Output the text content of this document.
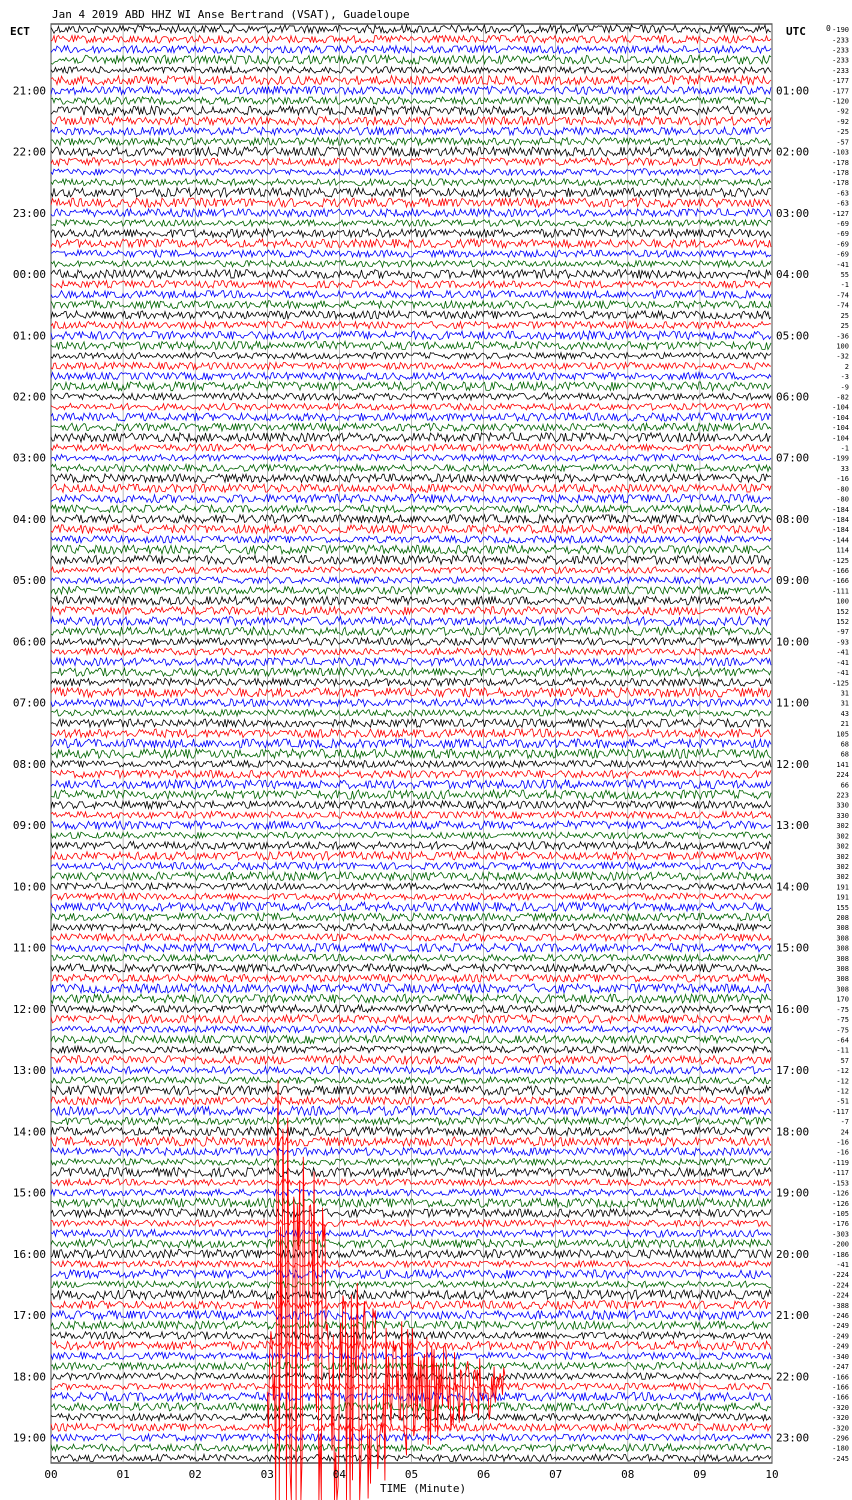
21:00
22:00
23:00
00:00
01:00
02:00
03:00
04:00
05:00
06:00
07:00
08:00
09:00
10:00
11:00
12:00
13:00
14:00
15:00
16:00
17:00
18:00
19:00
01:00
02:00
03:00
04:00
05:00
06:00
07:00
08:00
09:00
10:00
11:00
12:00
13:00
14:00
15:00
16:00
17:00
18:00
19:00
20:00
21:00
22:00
23:00
-190
-233
-233
-233
-233
-177
-177
-120
-92
-92
-25
-57
-103
-178
-178
-178
-63
-63
-127
-69
-69
-69
-69
-41
55
-1
-74
-74
25
25
-36
100
-32
2
-3
-9
-82
-104
-104
-104
-104
-1
-199
33
-16
-80
-80
-184
-184
-184
-144
114
-125
-166
-166
-111
100
152
152
-97
-93
-41
-41
-41
-125
31
31
43
21
105
68
68
141
224
66
223
330
330
302
302
302
302
302
302
191
191
155
208
308
308
308
308
308
308
308
170
-75
-75
-75
-64
-11
57
-12
-12
-12
-51
-117
-7
24
-16
-16
-119
-117
-153
-126
-126
-105
-176
-303
-200
-186
-41
-224
-224
-224
-388
-246
-249
-249
-249
-340
-247
-166
-166
-166
-320
-320
-320
-296
-180
-245
00	01	02	03	04	05	06	07	08	09	10
Jan 4 2019 ABD HHZ WI Anse Bertrand (VSAT), Guadeloupe
ECT	UTC	0
TIME (Minute)
